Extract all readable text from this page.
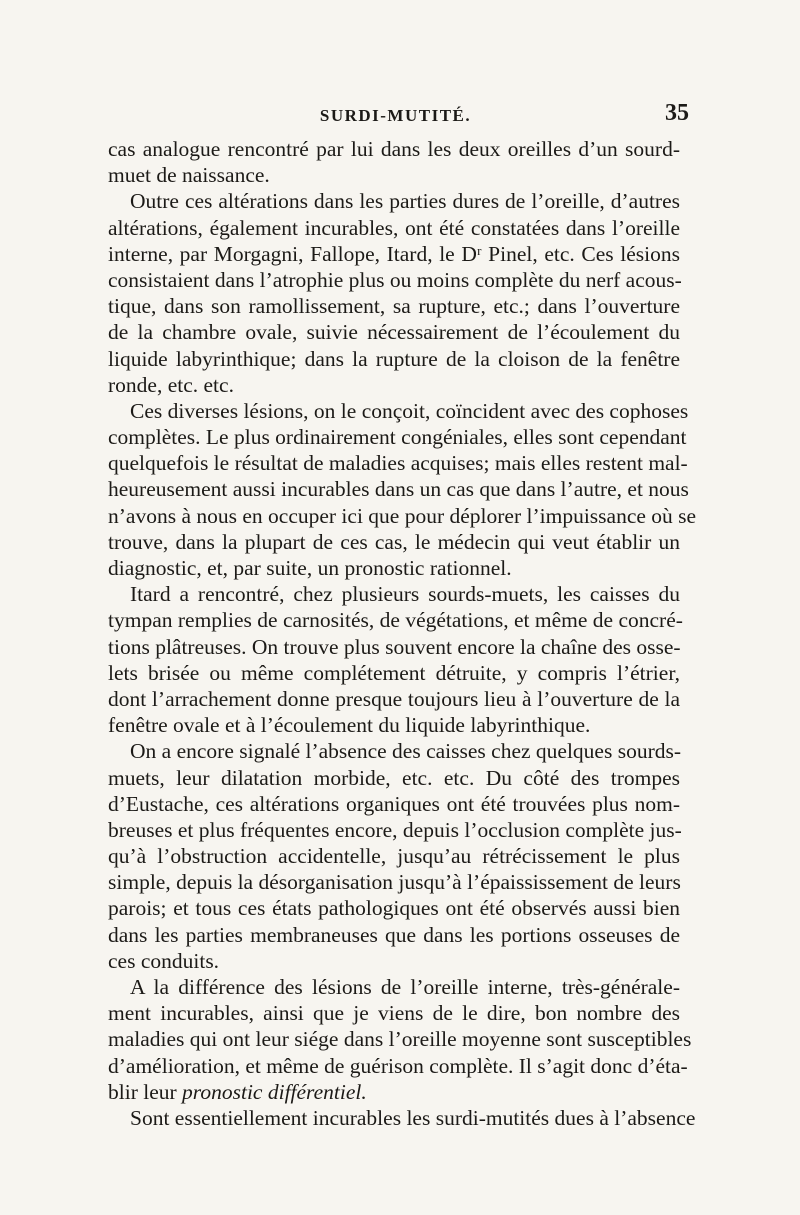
SURDI-MUTITÉ.	35
cas analogue rencontré par lui dans les deux oreilles d’un sourd-
muet de naissance.
Outre ces altérations dans les parties dures de l’oreille, d’autres
altérations, également incurables, ont été constatées dans l’oreille
interne, par Morgagni, Fallope, Itard, le Dʳ Pinel, etc. Ces lésions
consistaient dans l’atrophie plus ou moins complète du nerf acous-
tique, dans son ramollissement, sa rupture, etc.; dans l’ouverture
de la chambre ovale, suivie nécessairement de l’écoulement du
liquide labyrinthique; dans la rupture de la cloison de la fenêtre
ronde, etc. etc.
Ces diverses lésions, on le conçoit, coïncident avec des cophoses
complètes. Le plus ordinairement congéniales, elles sont cependant
quelquefois le résultat de maladies acquises; mais elles restent mal-
heureusement aussi incurables dans un cas que dans l’autre, et nous
n’avons à nous en occuper ici que pour déplorer l’impuissance où se
trouve, dans la plupart de ces cas, le médecin qui veut établir un
diagnostic, et, par suite, un pronostic rationnel.
Itard a rencontré, chez plusieurs sourds-muets, les caisses du
tympan remplies de carnosités, de végétations, et même de concré-
tions plâtreuses. On trouve plus souvent encore la chaîne des osse-
lets brisée ou même complétement détruite, y compris l’étrier,
dont l’arrachement donne presque toujours lieu à l’ouverture de la
fenêtre ovale et à l’écoulement du liquide labyrinthique.
On a encore signalé l’absence des caisses chez quelques sourds-
muets, leur dilatation morbide, etc. etc. Du côté des trompes
d’Eustache, ces altérations organiques ont été trouvées plus nom-
breuses et plus fréquentes encore, depuis l’occlusion complète jus-
qu’à l’obstruction accidentelle, jusqu’au rétrécissement le plus
simple, depuis la désorganisation jusqu’à l’épaississement de leurs
parois; et tous ces états pathologiques ont été observés aussi bien
dans les parties membraneuses que dans les portions osseuses de
ces conduits.
A la différence des lésions de l’oreille interne, très-générale-
ment incurables, ainsi que je viens de le dire, bon nombre des
maladies qui ont leur siége dans l’oreille moyenne sont susceptibles
d’amélioration, et même de guérison complète. Il s’agit donc d’éta-
blir leur pronostic différentiel.
Sont essentiellement incurables les surdi-mutités dues à l’absence
